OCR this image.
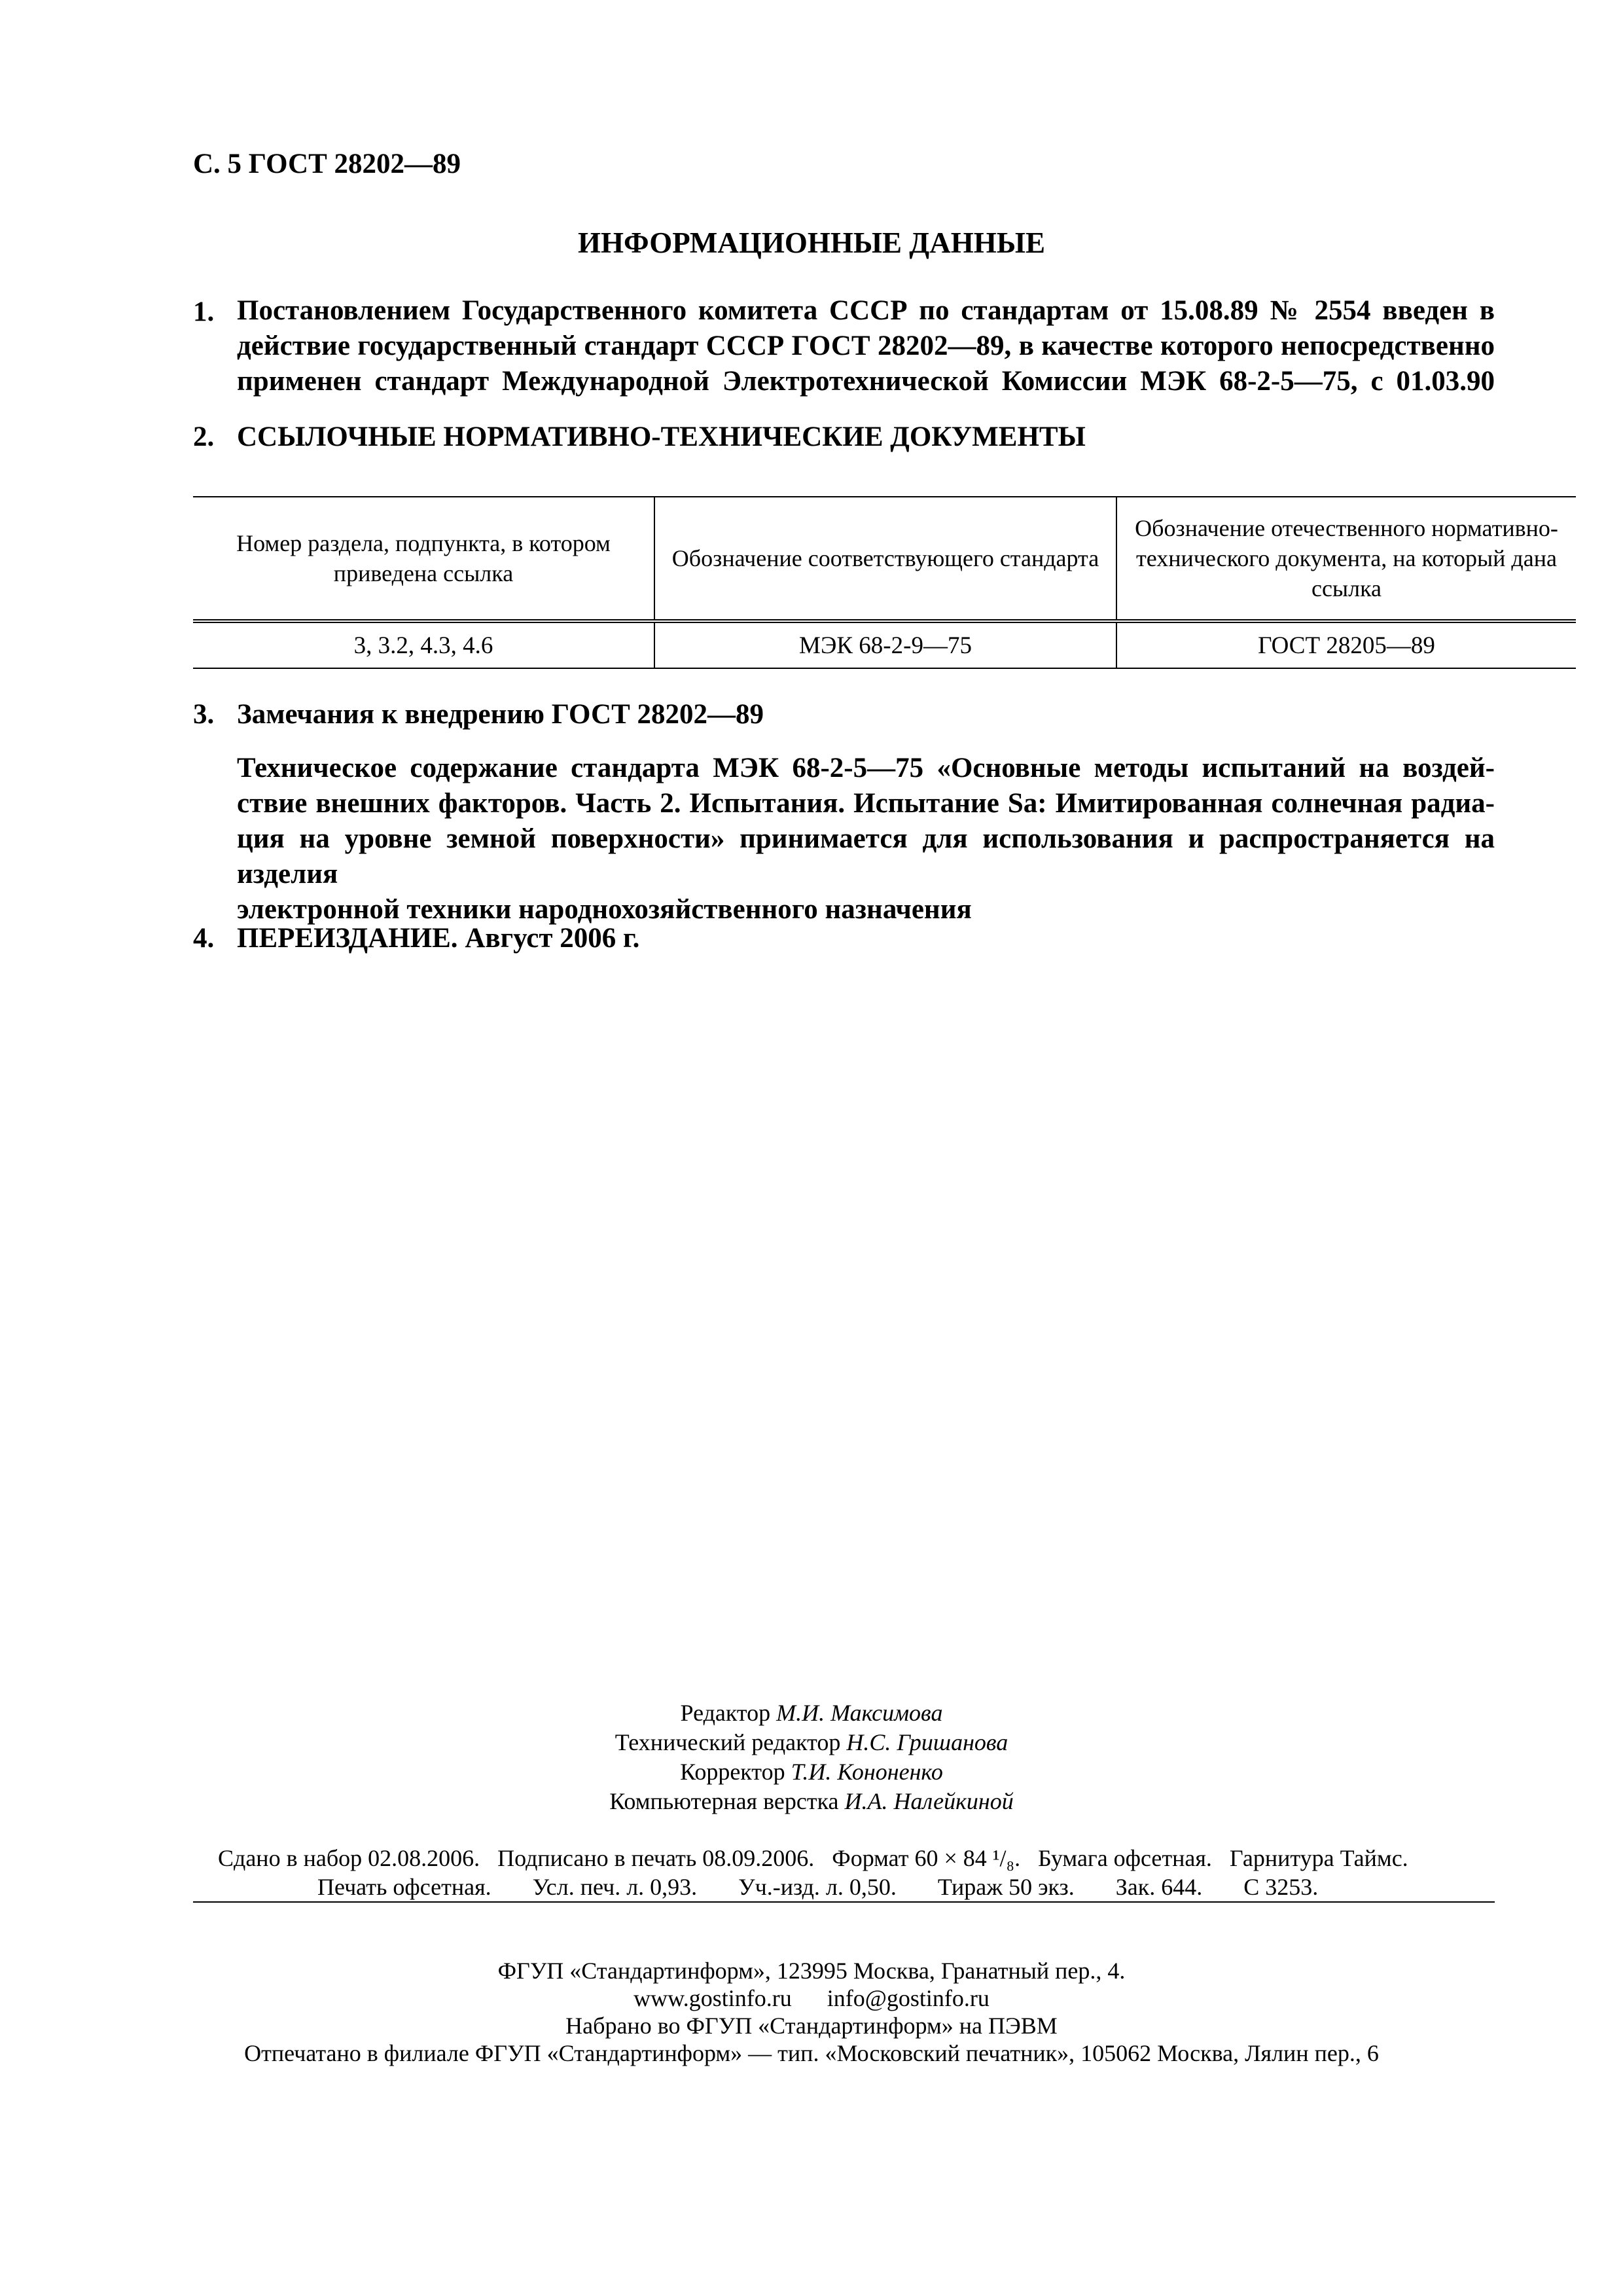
С. 5 ГОСТ 28202—89
ИНФОРМАЦИОННЫЕ ДАННЫЕ
1. Постановлением Государственного комитета СССР по стандартам от 15.08.89 № 2554 введен в
действие государственный стандарт СССР ГОСТ 28202—89, в качестве которого непосредственно
применен стандарт Международной Электротехнической Комиссии МЭК 68-2-5—75, с 01.03.90
2. ССЫЛОЧНЫЕ НОРМАТИВНО-ТЕХНИЧЕСКИЕ ДОКУМЕНТЫ
Номер раздела, подпункта, в котором приведена ссылка	Обозначение соответствующего стандарта	Обозначение отечественного нормативно-технического документа, на который дана ссылка
3, 3.2, 4.3, 4.6	МЭК 68-2-9—75	ГОСТ 28205—89
3. Замечания к внедрению ГОСТ 28202—89
Техническое содержание стандарта МЭК 68-2-5—75 «Основные методы испытаний на воздей-
ствие внешних факторов. Часть 2. Испытания. Испытание Sa: Имитированная солнечная радиа-
ция на уровне земной поверхности» принимается для использования и распространяется на изделия
электронной техники народнохозяйственного назначения
4. ПЕРЕИЗДАНИЕ. Август 2006 г.
Редактор М.И. Максимова
Технический редактор Н.С. Гришанова
Корректор Т.И. Кононенко
Компьютерная верстка И.А. Налейкиной
Сдано в набор 02.08.2006.   Подписано в печать 08.09.2006.   Формат 60 × 84 ¹/₈.   Бумага офсетная.   Гарнитура Таймс.
Печать офсетная.       Усл. печ. л. 0,93.       Уч.-изд. л. 0,50.       Тираж 50 экз.       Зак. 644.       С 3253.
ФГУП «Стандартинформ», 123995 Москва, Гранатный пер., 4.
www.gostinfo.ru      info@gostinfo.ru
Набрано во ФГУП «Стандартинформ» на ПЭВМ
Отпечатано в филиале ФГУП «Стандартинформ» — тип. «Московский печатник», 105062 Москва, Лялин пер., 6
